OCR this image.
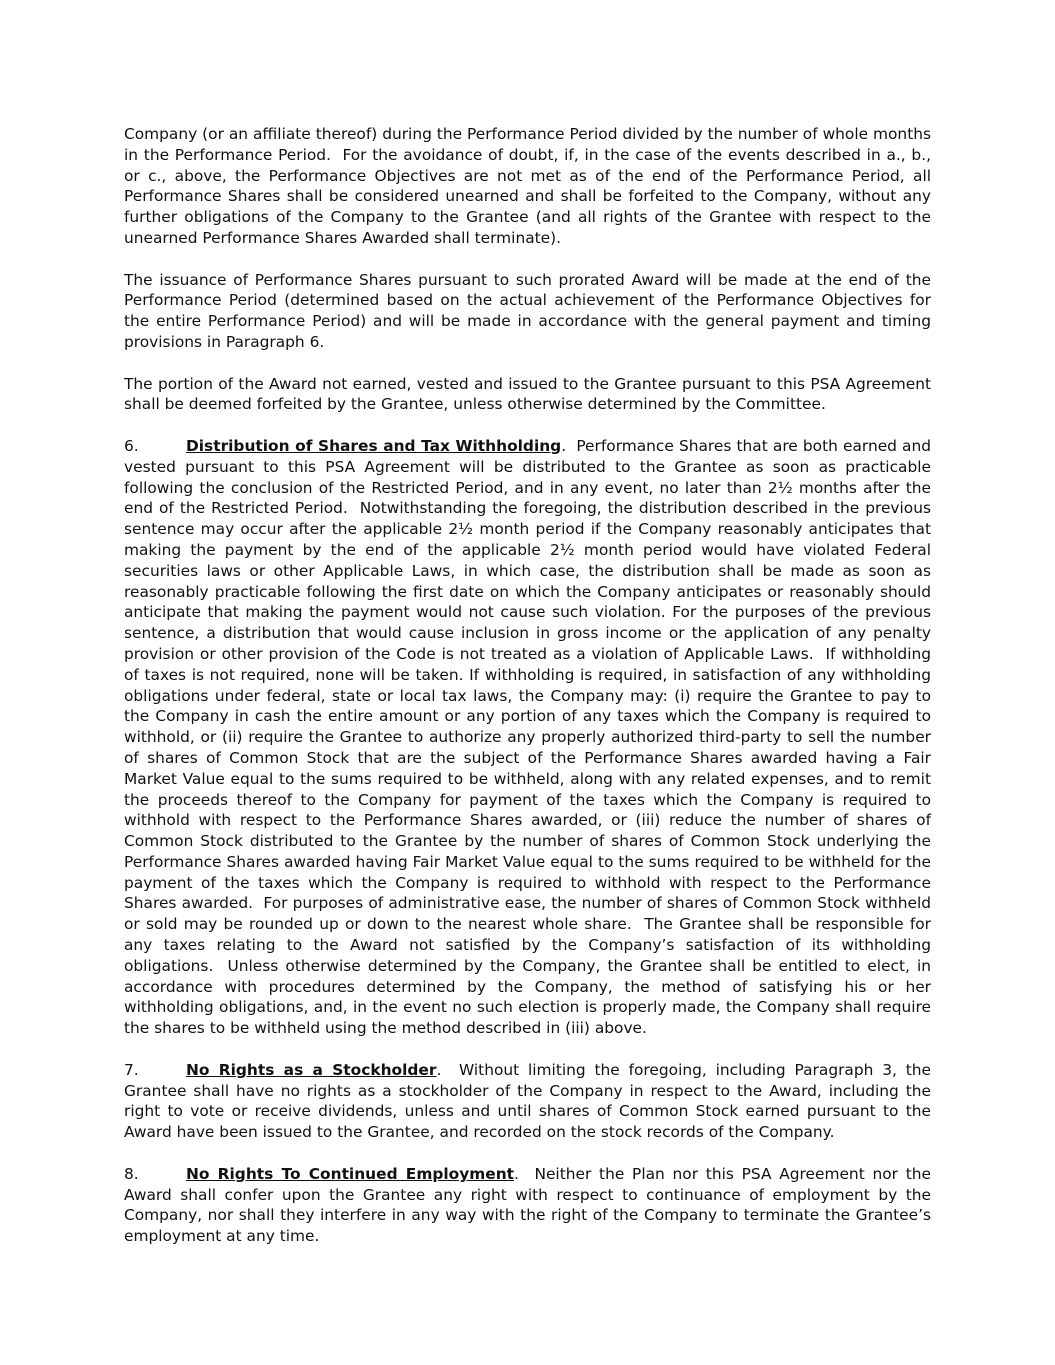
Company (or an affiliate thereof) during the Performance Period divided by the number of whole months in the Performance Period.  For the avoidance of doubt, if, in the case of the events described in a., b., or c., above, the Performance Objectives are not met as of the end of the Performance Period, all Performance Shares shall be considered unearned and shall be forfeited to the Company, without any further obligations of the Company to the Grantee (and all rights of the Grantee with respect to the unearned Performance Shares Awarded shall terminate).

The issuance of Performance Shares pursuant to such prorated Award will be made at the end of the Performance Period (determined based on the actual achievement of the Performance Objectives for the entire Performance Period) and will be made in accordance with the general payment and timing provisions in Paragraph 6.

The portion of the Award not earned, vested and issued to the Grantee pursuant to this PSA Agreement shall be deemed forfeited by the Grantee, unless otherwise determined by the Committee.

6.	Distribution of Shares and Tax Withholding.  Performance Shares that are both earned and vested pursuant to this PSA Agreement will be distributed to the Grantee as soon as practicable following the conclusion of the Restricted Period, and in any event, no later than 2½ months after the end of the Restricted Period.  Notwithstanding the foregoing, the distribution described in the previous sentence may occur after the applicable 2½ month period if the Company reasonably anticipates that making the payment by the end of the applicable 2½ month period would have violated Federal securities laws or other Applicable Laws, in which case, the distribution shall be made as soon as reasonably practicable following the first date on which the Company anticipates or reasonably should anticipate that making the payment would not cause such violation. For the purposes of the previous sentence, a distribution that would cause inclusion in gross income or the application of any penalty provision or other provision of the Code is not treated as a violation of Applicable Laws.  If withholding of taxes is not required, none will be taken. If withholding is required, in satisfaction of any withholding obligations under federal, state or local tax laws, the Company may: (i) require the Grantee to pay to the Company in cash the entire amount or any portion of any taxes which the Company is required to withhold, or (ii) require the Grantee to authorize any properly authorized third-party to sell the number of shares of Common Stock that are the subject of the Performance Shares awarded having a Fair Market Value equal to the sums required to be withheld, along with any related expenses, and to remit the proceeds thereof to the Company for payment of the taxes which the Company is required to withhold with respect to the Performance Shares awarded, or (iii) reduce the number of shares of Common Stock distributed to the Grantee by the number of shares of Common Stock underlying the Performance Shares awarded having Fair Market Value equal to the sums required to be withheld for the payment of the taxes which the Company is required to withhold with respect to the Performance Shares awarded.  For purposes of administrative ease, the number of shares of Common Stock withheld or sold may be rounded up or down to the nearest whole share.  The Grantee shall be responsible for any taxes relating to the Award not satisfied by the Company’s satisfaction of its withholding obligations.  Unless otherwise determined by the Company, the Grantee shall be entitled to elect, in accordance with procedures determined by the Company, the method of satisfying his or her withholding obligations, and, in the event no such election is properly made, the Company shall require the shares to be withheld using the method described in (iii) above.

7.	No Rights as a Stockholder.  Without limiting the foregoing, including Paragraph 3, the Grantee shall have no rights as a stockholder of the Company in respect to the Award, including the right to vote or receive dividends, unless and until shares of Common Stock earned pursuant to the Award have been issued to the Grantee, and recorded on the stock records of the Company.

8.	No Rights To Continued Employment.  Neither the Plan nor this PSA Agreement nor the Award shall confer upon the Grantee any right with respect to continuance of employment by the Company, nor shall they interfere in any way with the right of the Company to terminate the Grantee’s employment at any time.
